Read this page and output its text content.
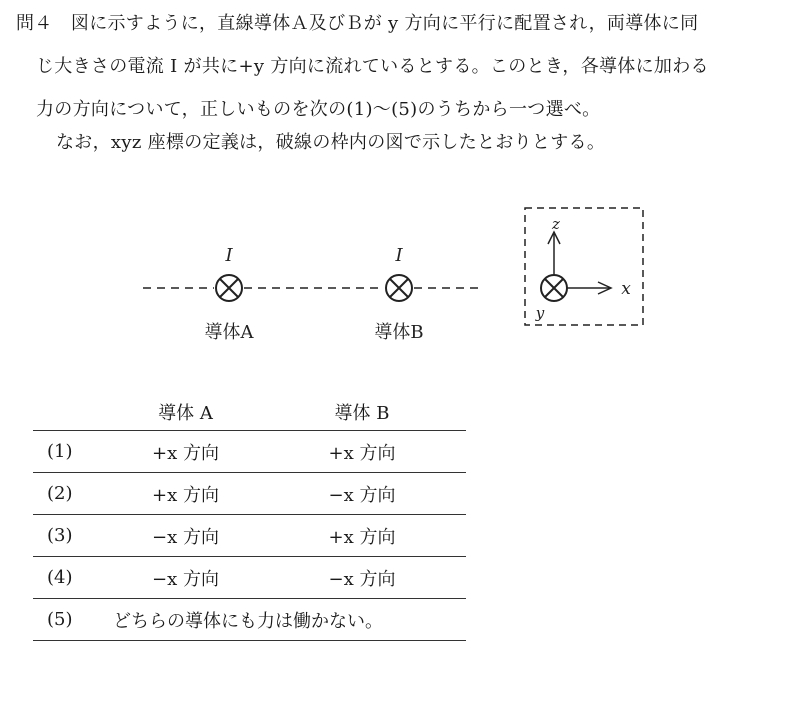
問４　図に示すように，直線導体Ａ及びＢが y 方向に平行に配置され，両導体に同
じ大きさの電流 I が共に+y 方向に流れているとする。このとき，各導体に加わる
力の方向について，正しいものを次の(1)～(5)のうちから一つ選べ。
なお，xyz 座標の定義は，破線の枠内の図で示したとおりとする。
I	I
導体A	導体B
z
x
y
	導体 A	導体 B
(1)	+x 方向	+x 方向
(2)	+x 方向	−x 方向
(3)	−x 方向	+x 方向
(4)	−x 方向	−x 方向
(5)	どちらの導体にも力は働かない。	
